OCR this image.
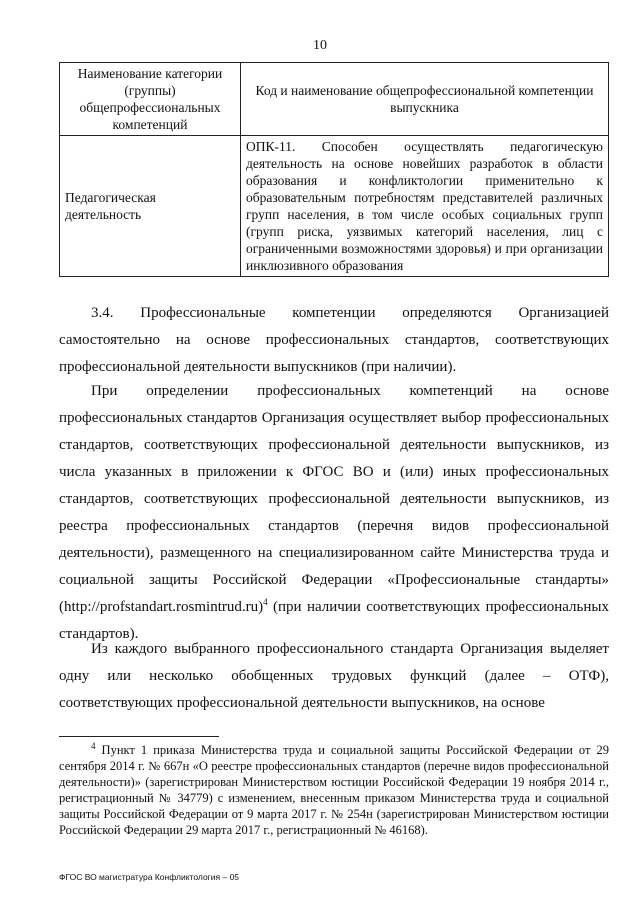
10
Наименование категории (группы) общепрофессиональных компетенций	Код и наименование общепрофессиональной компетенции выпускника
Педагогическая деятельность	ОПК-11. Способен осуществлять педагогическую деятельность на основе новейших разработок в области образования и конфликтологии применительно к образовательным потребностям представителей различных групп населения, в том числе особых социальных групп (групп риска, уязвимых категорий населения, лиц с ограниченными возможностями здоровья) и при организации инклюзивного образования

3.4. Профессиональные компетенции определяются Организацией самостоятельно на основе профессиональных стандартов, соответствующих профессиональной деятельности выпускников (при наличии).

При определении профессиональных компетенций на основе профессиональных стандартов Организация осуществляет выбор профессиональных стандартов, соответствующих профессиональной деятельности выпускников, из числа указанных в приложении к ФГОС ВО и (или) иных профессиональных стандартов, соответствующих профессиональной деятельности выпускников, из реестра профессиональных стандартов (перечня видов профессиональной деятельности), размещенного на специализированном сайте Министерства труда и социальной защиты Российской Федерации «Профессиональные стандарты» (http://profstandart.rosmintrud.ru)$^4$ (при наличии соответствующих профессиональных стандартов).

Из каждого выбранного профессионального стандарта Организация выделяет одну или несколько обобщенных трудовых функций (далее – ОТФ), соответствующих профессиональной деятельности выпускников, на основе

$^4$ Пункт 1 приказа Министерства труда и социальной защиты Российской Федерации от 29 сентября 2014 г. № 667н «О реестре профессиональных стандартов (перечне видов профессиональной деятельности)» (зарегистрирован Министерством юстиции Российской Федерации 19 ноября 2014 г., регистрационный № 34779) с изменением, внесенным приказом Министерства труда и социальной защиты Российской Федерации от 9 марта 2017 г. № 254н (зарегистрирован Министерством юстиции Российской Федерации 29 марта 2017 г., регистрационный № 46168).

ФГОС ВО магистратура Конфликтология – 05
